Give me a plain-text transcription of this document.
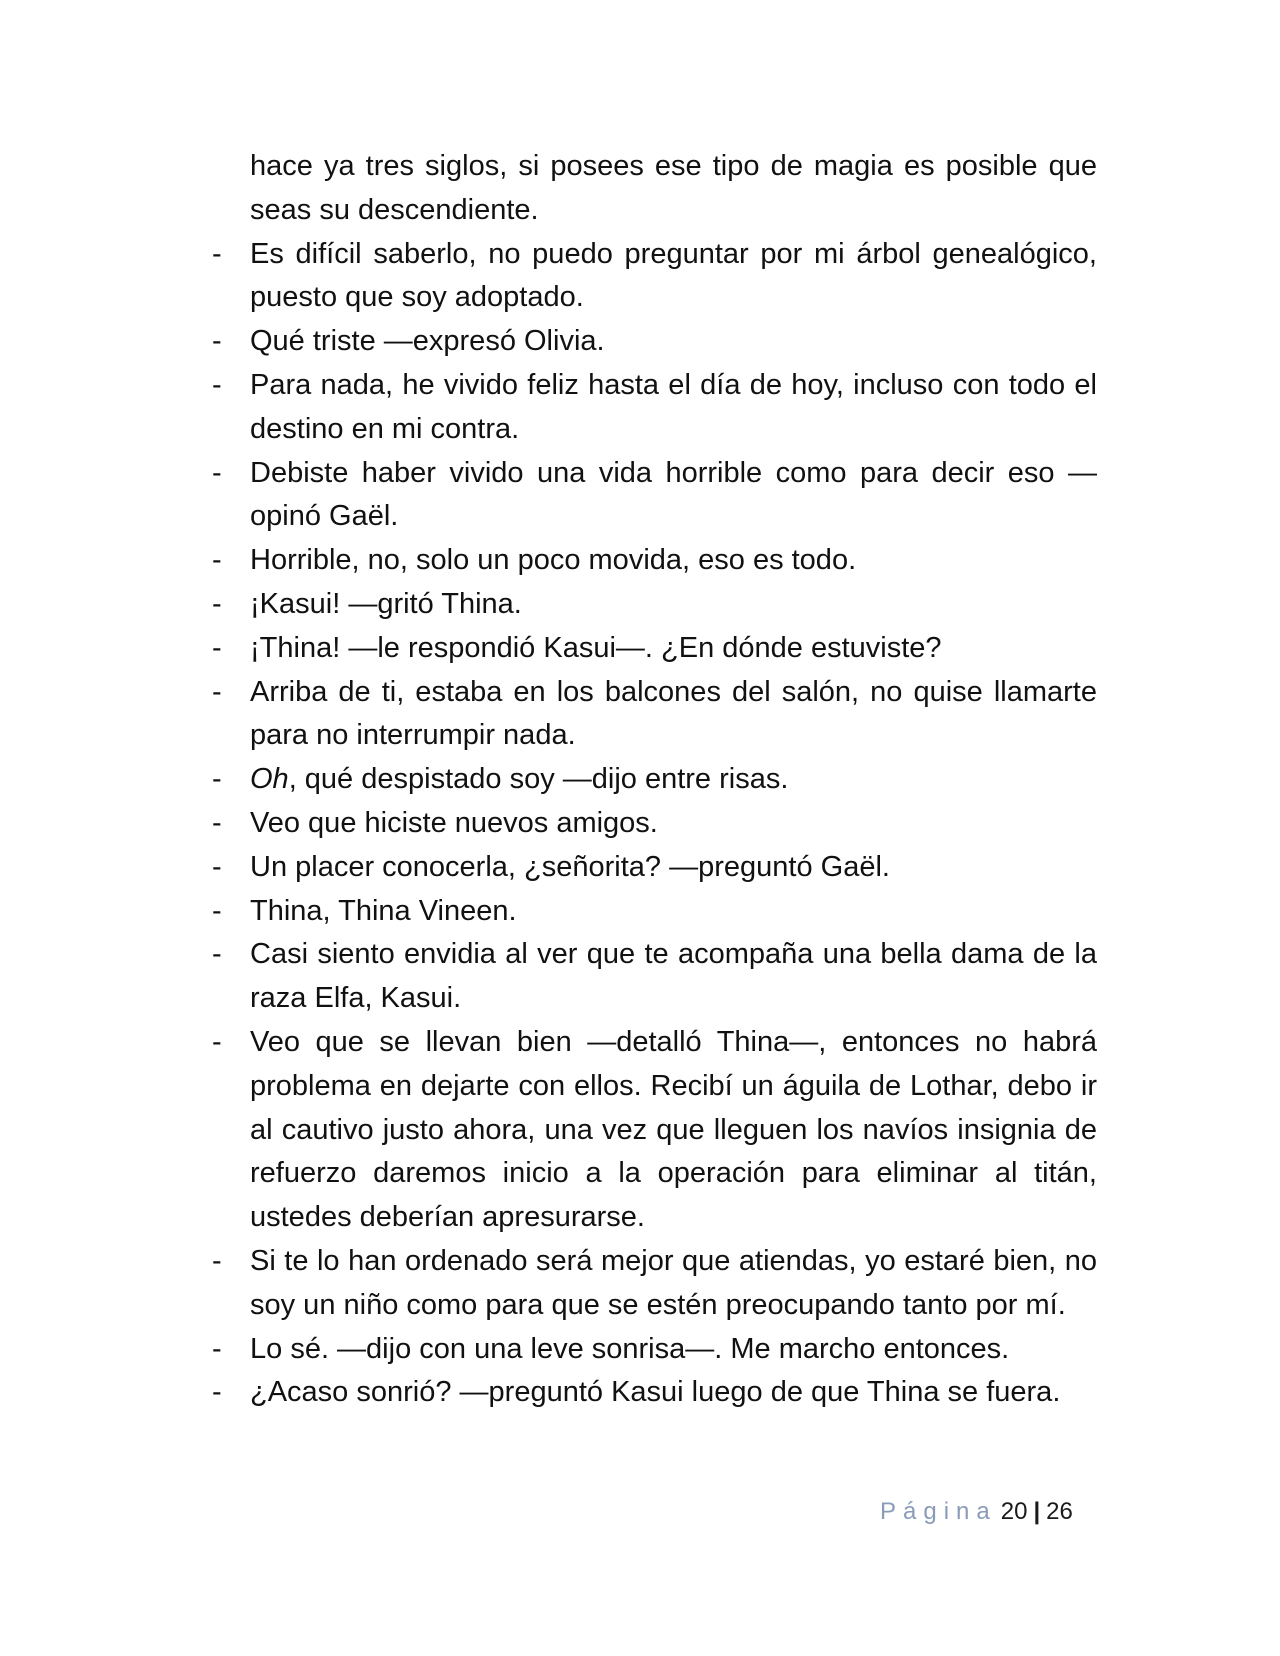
hace ya tres siglos, si posees ese tipo de magia es posible que seas su descendiente.

- Es difícil saberlo, no puedo preguntar por mi árbol genealógico, puesto que soy adoptado.

- Qué triste —expresó Olivia.

- Para nada, he vivido feliz hasta el día de hoy, incluso con todo el destino en mi contra.

- Debiste haber vivido una vida horrible como para decir eso —opinó Gaël.

- Horrible, no, solo un poco movida, eso es todo.

- ¡Kasui! —gritó Thina.

- ¡Thina! —le respondió Kasui—. ¿En dónde estuviste?

- Arriba de ti, estaba en los balcones del salón, no quise llamarte para no interrumpir nada.

- Oh, qué despistado soy —dijo entre risas.

- Veo que hiciste nuevos amigos.

- Un placer conocerla, ¿señorita? —preguntó Gaël.

- Thina, Thina Vineen.

- Casi siento envidia al ver que te acompaña una bella dama de la raza Elfa, Kasui.

- Veo que se llevan bien —detalló Thina—, entonces no habrá problema en dejarte con ellos. Recibí un águila de Lothar, debo ir al cautivo justo ahora, una vez que lleguen los navíos insignia de refuerzo daremos inicio a la operación para eliminar al titán, ustedes deberían apresurarse.

- Si te lo han ordenado será mejor que atiendas, yo estaré bien, no soy un niño como para que se estén preocupando tanto por mí.

- Lo sé. —dijo con una leve sonrisa—. Me marcho entonces.

- ¿Acaso sonrió? —preguntó Kasui luego de que Thina se fuera.

Página 20 | 26
